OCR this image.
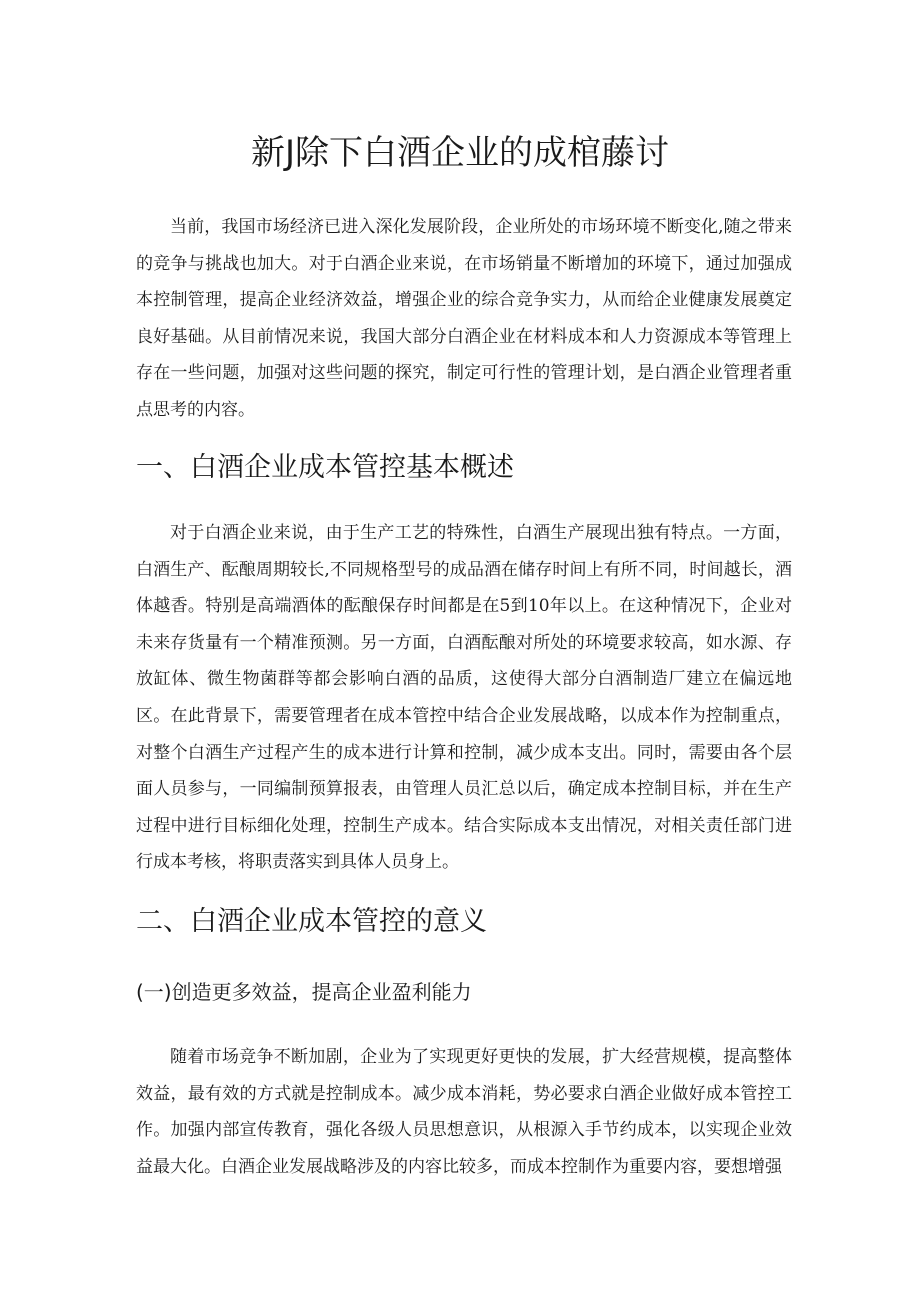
新J除下白酒企业的成棺藤讨

当前，我国市场经济已进入深化发展阶段，企业所处的市场环境不断变化,随之带来的竞争与挑战也加大。对于白酒企业来说，在市场销量不断增加的环境下，通过加强成本控制管理，提高企业经济效益，增强企业的综合竞争实力，从而给企业健康发展奠定良好基础。从目前情况来说，我国大部分白酒企业在材料成本和人力资源成本等管理上存在一些问题，加强对这些问题的探究，制定可行性的管理计划，是白酒企业管理者重点思考的内容。

一、白酒企业成本管控基本概述

对于白酒企业来说，由于生产工艺的特殊性，白酒生产展现出独有特点。一方面，白酒生产、酝酿周期较长,不同规格型号的成品酒在储存时间上有所不同，时间越长，酒体越香。特别是高端酒体的酝酿保存时间都是在5到10年以上。在这种情况下，企业对未来存货量有一个精准预测。另一方面，白酒酝酿对所处的环境要求较高，如水源、存放缸体、微生物菌群等都会影响白酒的品质，这使得大部分白酒制造厂建立在偏远地区。在此背景下，需要管理者在成本管控中结合企业发展战略，以成本作为控制重点，对整个白酒生产过程产生的成本进行计算和控制，减少成本支出。同时，需要由各个层面人员参与，一同编制预算报表，由管理人员汇总以后，确定成本控制目标，并在生产过程中进行目标细化处理，控制生产成本。结合实际成本支出情况，对相关责任部门进行成本考核，将职责落实到具体人员身上。

二、白酒企业成本管控的意义
(一)创造更多效益，提高企业盈利能力

随着市场竞争不断加剧，企业为了实现更好更快的发展，扩大经营规模，提高整体效益，最有效的方式就是控制成本。减少成本消耗，势必要求白酒企业做好成本管控工作。加强内部宣传教育，强化各级人员思想意识，从根源入手节约成本，以实现企业效益最大化。白酒企业发展战略涉及的内容比较多，而成本控制作为重要内容，要想增强
